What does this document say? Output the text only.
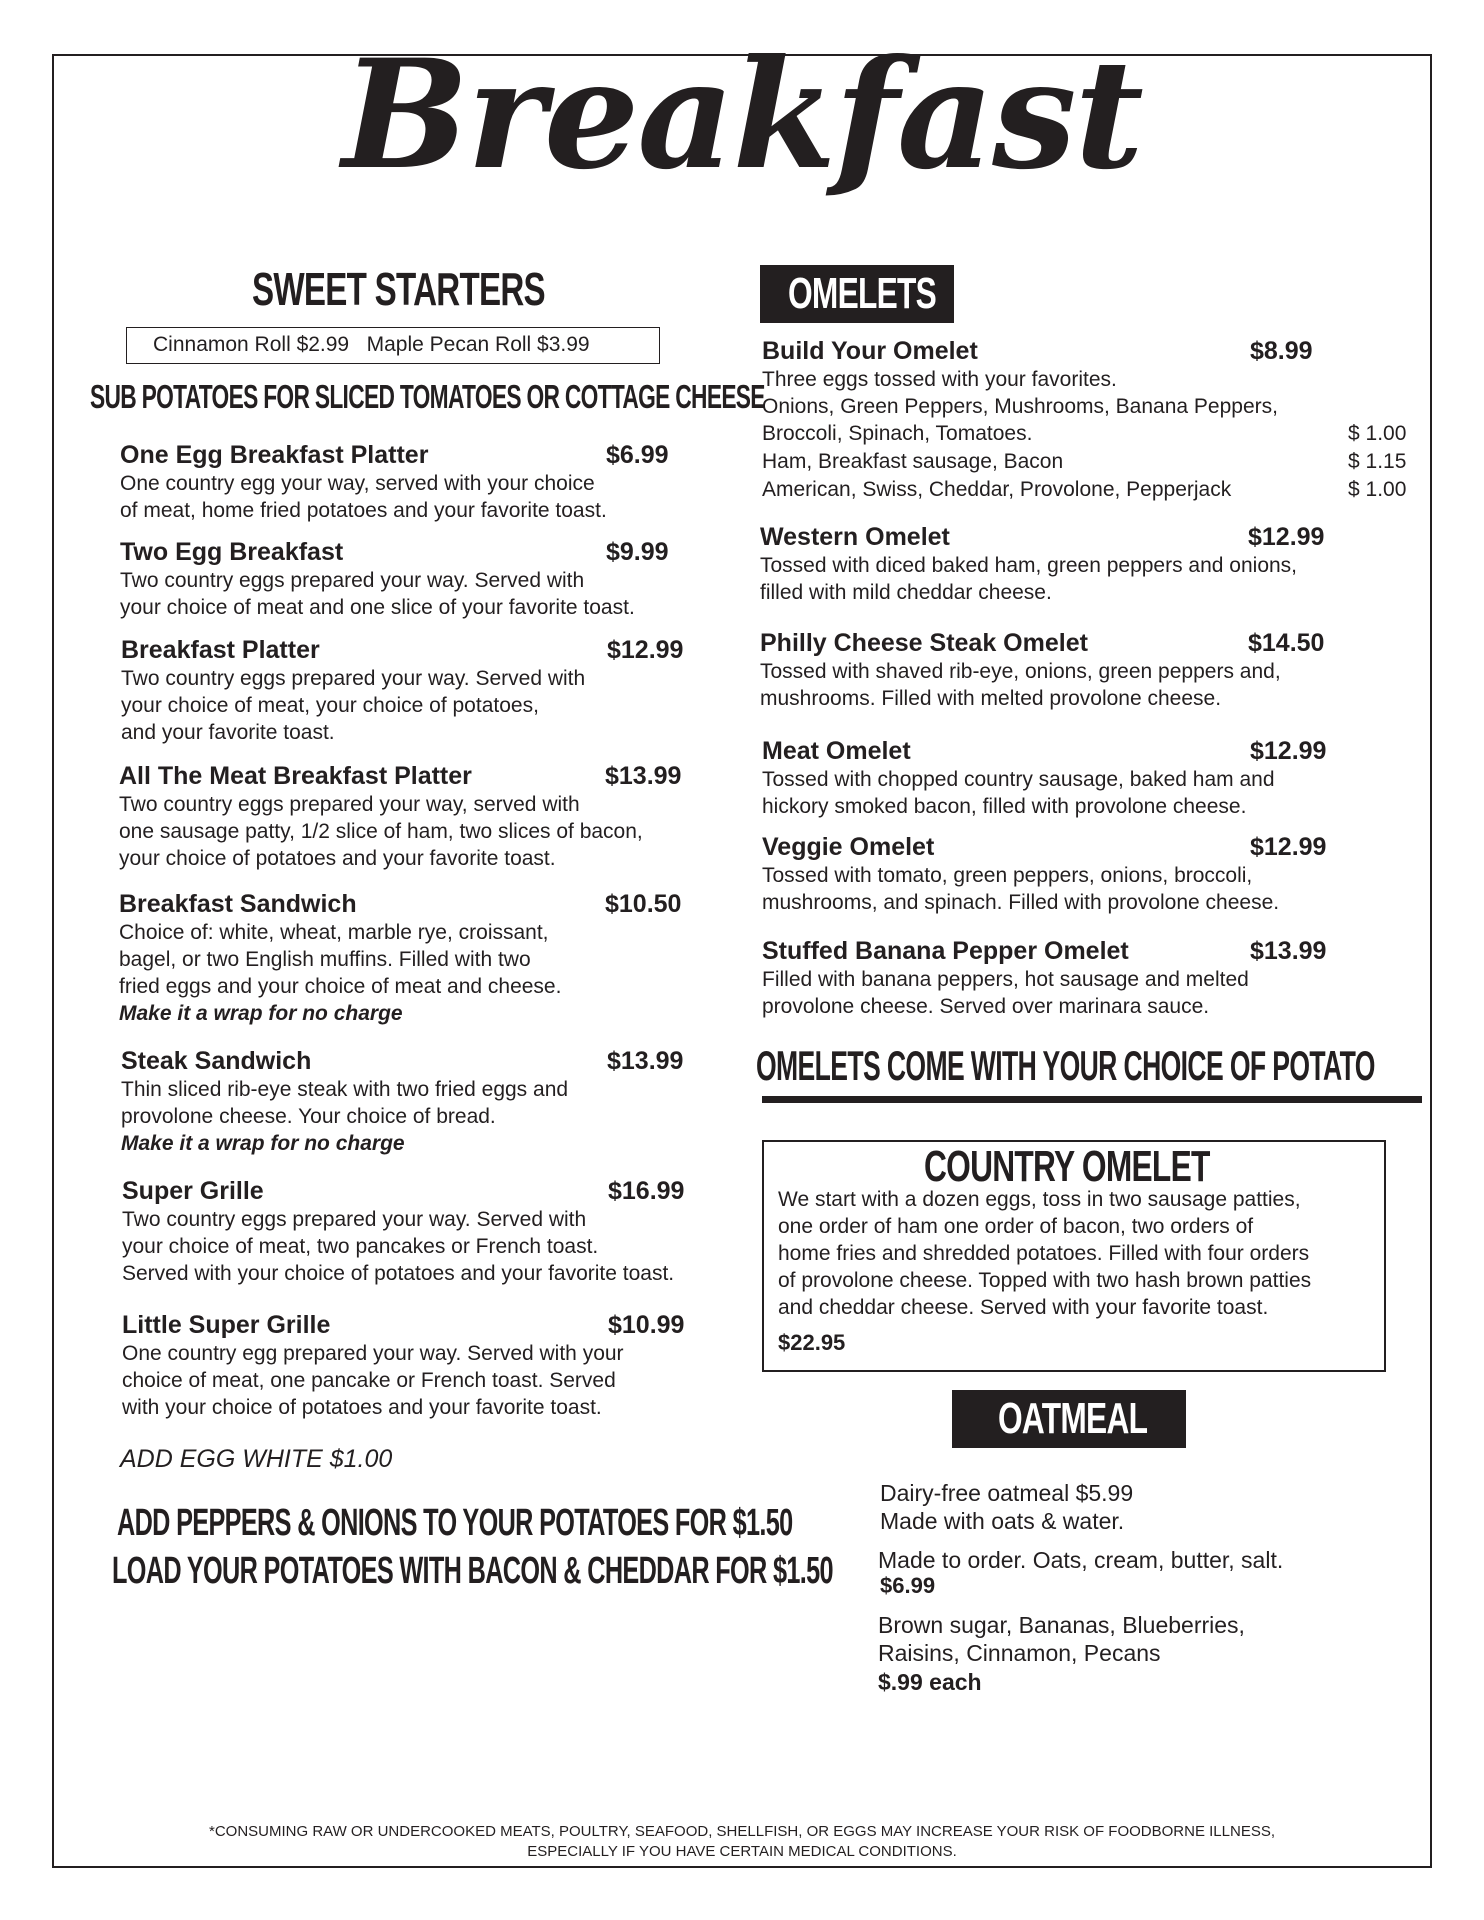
Breakfast
SWEET STARTERS
Cinnamon Roll $2.99   Maple Pecan Roll $3.99
SUB POTATOES FOR SLICED TOMATOES OR COTTAGE CHEESE
One Egg Breakfast Platter	$6.99
One country egg your way, served with your choice
of meat, home fried potatoes and your favorite toast.
Two Egg Breakfast	$9.99
Two country eggs prepared your way. Served with
your choice of meat and one slice of your favorite toast.
Breakfast Platter	$12.99
Two country eggs prepared your way. Served with
your choice of meat, your choice of potatoes,
and your favorite toast.
All The Meat Breakfast Platter	$13.99
Two country eggs prepared your way, served with
one sausage patty, 1/2 slice of ham, two slices of bacon,
your choice of potatoes and your favorite toast.
Breakfast Sandwich	$10.50
Choice of: white, wheat, marble rye, croissant,
bagel, or two English muffins. Filled with two
fried eggs and your choice of meat and cheese.
Make it a wrap for no charge
Steak Sandwich	$13.99
Thin sliced rib-eye steak with two fried eggs and
provolone cheese. Your choice of bread.
Make it a wrap for no charge
Super Grille	$16.99
Two country eggs prepared your way. Served with
your choice of meat, two pancakes or French toast.
Served with your choice of potatoes and your favorite toast.
Little Super Grille	$10.99
One country egg prepared your way. Served with your
choice of meat, one pancake or French toast. Served
with your choice of potatoes and your favorite toast.
ADD EGG WHITE $1.00
ADD PEPPERS & ONIONS TO YOUR POTATOES FOR $1.50
LOAD YOUR POTATOES WITH BACON & CHEDDAR FOR $1.50
OMELETS
Build Your Omelet	$8.99
Three eggs tossed with your favorites.
Onions, Green Peppers, Mushrooms, Banana Peppers,
Broccoli, Spinach, Tomatoes.	$ 1.00
Ham, Breakfast sausage, Bacon	$ 1.15
American, Swiss, Cheddar, Provolone, Pepperjack	$ 1.00
Western Omelet	$12.99
Tossed with diced baked ham, green peppers and onions,
filled with mild cheddar cheese.
Philly Cheese Steak Omelet	$14.50
Tossed with shaved rib-eye, onions, green peppers and,
mushrooms. Filled with melted provolone cheese.
Meat Omelet	$12.99
Tossed with chopped country sausage, baked ham and
hickory smoked bacon, filled with provolone cheese.
Veggie Omelet	$12.99
Tossed with tomato, green peppers, onions, broccoli,
mushrooms, and spinach. Filled with provolone cheese.
Stuffed Banana Pepper Omelet	$13.99
Filled with banana peppers, hot sausage and melted
provolone cheese. Served over marinara sauce.
OMELETS COME WITH YOUR CHOICE OF POTATO
COUNTRY OMELET
We start with a dozen eggs, toss in two sausage patties,
one order of ham one order of bacon, two orders of
home fries and shredded potatoes. Filled with four orders
of provolone cheese. Topped with two hash brown patties
and cheddar cheese. Served with your favorite toast.
$22.95
OATMEAL
Dairy-free oatmeal $5.99
Made with oats & water.
Made to order. Oats, cream, butter, salt.
$6.99
Brown sugar, Bananas, Blueberries,
Raisins, Cinnamon, Pecans
$.99 each
*CONSUMING RAW OR UNDERCOOKED MEATS, POULTRY, SEAFOOD, SHELLFISH, OR EGGS MAY INCREASE YOUR RISK OF FOODBORNE ILLNESS,
ESPECIALLY IF YOU HAVE CERTAIN MEDICAL CONDITIONS.
